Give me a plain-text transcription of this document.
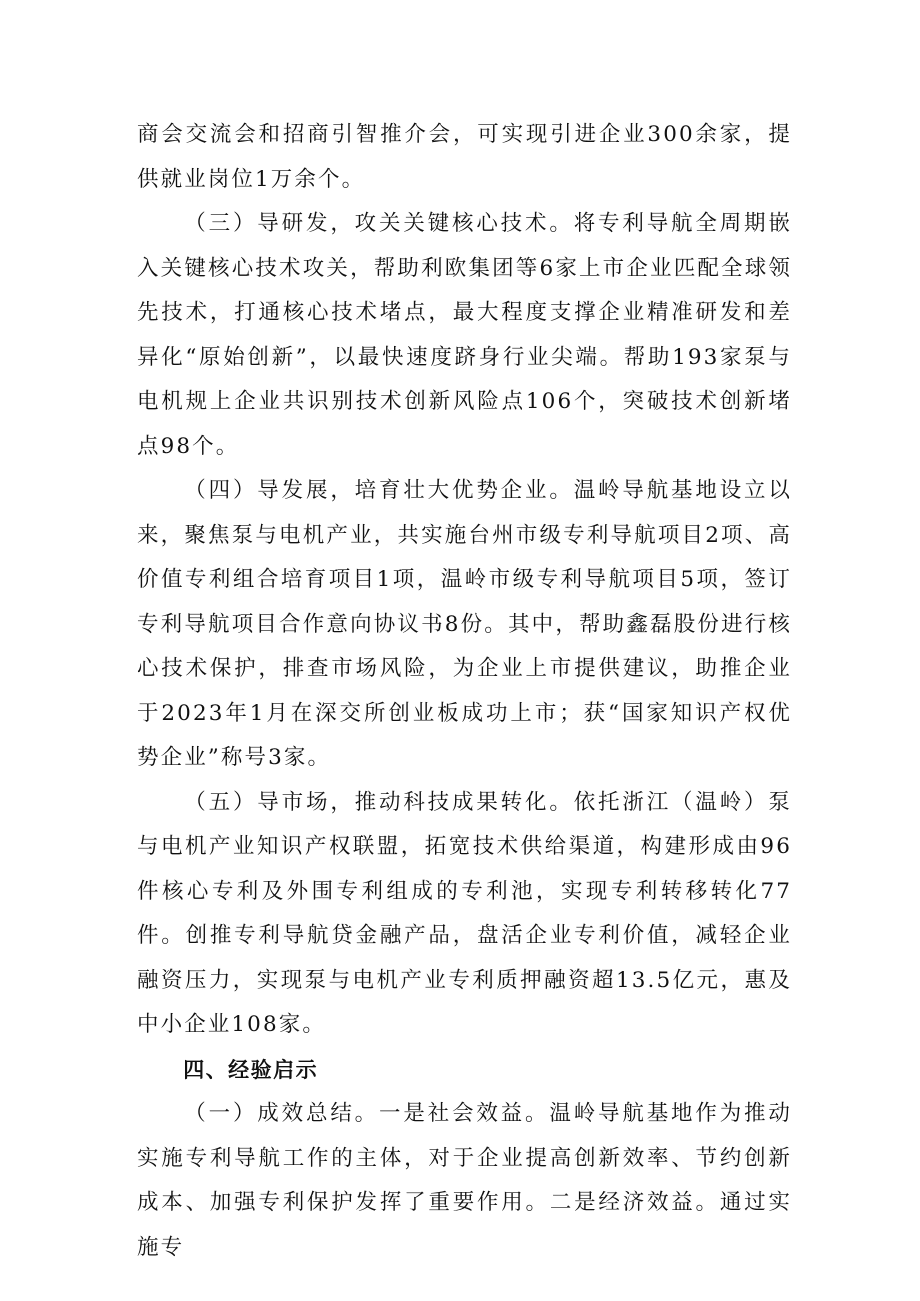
商会交流会和招商引智推介会，可实现引进企业300余家，提供就业岗位1万余个。

（三）导研发，攻关关键核心技术。将专利导航全周期嵌入关键核心技术攻关，帮助利欧集团等6家上市企业匹配全球领先技术，打通核心技术堵点，最大程度支撑企业精准研发和差异化“原始创新”，以最快速度跻身行业尖端。帮助193家泵与电机规上企业共识别技术创新风险点106个，突破技术创新堵点98个。

（四）导发展，培育壮大优势企业。温岭导航基地设立以来，聚焦泵与电机产业，共实施台州市级专利导航项目2项、高价值专利组合培育项目1项，温岭市级专利导航项目5项，签订专利导航项目合作意向协议书8份。其中，帮助鑫磊股份进行核心技术保护，排查市场风险，为企业上市提供建议，助推企业于2023年1月在深交所创业板成功上市；获“国家知识产权优势企业”称号3家。

（五）导市场，推动科技成果转化。依托浙江（温岭）泵与电机产业知识产权联盟，拓宽技术供给渠道，构建形成由96件核心专利及外围专利组成的专利池，实现专利转移转化77件。创推专利导航贷金融产品，盘活企业专利价值，减轻企业融资压力，实现泵与电机产业专利质押融资超13.5亿元，惠及中小企业108家。

四、经验启示

（一）成效总结。一是社会效益。温岭导航基地作为推动实施专利导航工作的主体，对于企业提高创新效率、节约创新成本、加强专利保护发挥了重要作用。二是经济效益。通过实施专
